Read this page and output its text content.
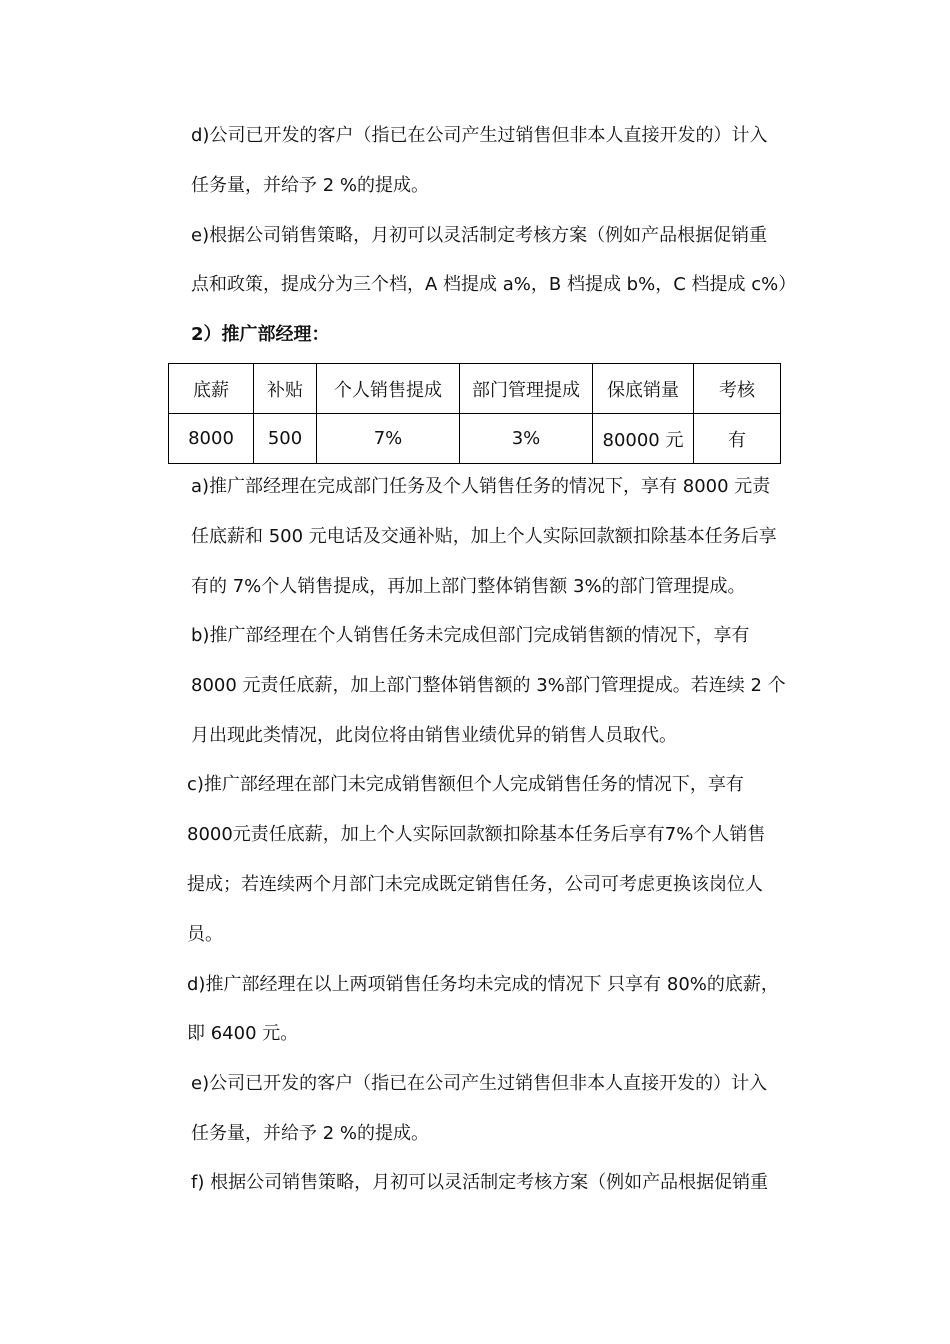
d)公司已开发的客户（指已在公司产生过销售但非本人直接开发的）计入
任务量，并给予 2 %的提成。
e)根据公司销售策略，月初可以灵活制定考核方案（例如产品根据促销重
点和政策，提成分为三个档，A 档提成 a%，B 档提成 b%，C 档提成 c%）
2）推广部经理：
底薪	补贴	个人销售提成	部门管理提成	保底销量	考核
8000	500	7%	3%	80000 元	有
a)推广部经理在完成部门任务及个人销售任务的情况下，享有 8000 元责
任底薪和 500 元电话及交通补贴，加上个人实际回款额扣除基本任务后享
有的 7%个人销售提成，再加上部门整体销售额 3%的部门管理提成。
b)推广部经理在个人销售任务未完成但部门完成销售额的情况下，享有
8000 元责任底薪，加上部门整体销售额的 3%部门管理提成。若连续 2 个
月出现此类情况，此岗位将由销售业绩优异的销售人员取代。
c)推广部经理在部门未完成销售额但个人完成销售任务的情况下，享有
8000元责任底薪，加上个人实际回款额扣除基本任务后享有7%个人销售
提成；若连续两个月部门未完成既定销售任务，公司可考虑更换该岗位人
员。
d)推广部经理在以上两项销售任务均未完成的情况下 只享有 80%的底薪，
即 6400 元。
e)公司已开发的客户（指已在公司产生过销售但非本人直接开发的）计入
任务量，并给予 2 %的提成。
f) 根据公司销售策略，月初可以灵活制定考核方案（例如产品根据促销重
